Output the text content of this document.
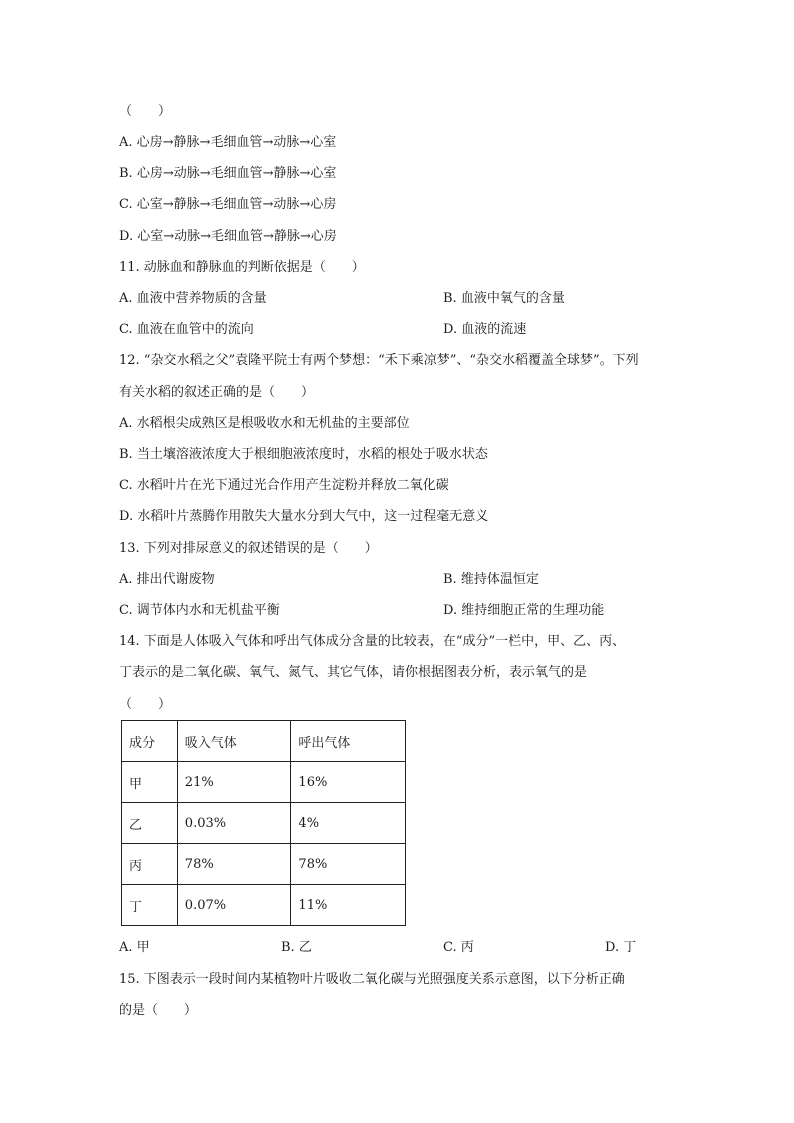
（　　）
A. 心房→静脉→毛细血管→动脉→心室
B. 心房→动脉→毛细血管→静脉→心室
C. 心室→静脉→毛细血管→动脉→心房
D. 心室→动脉→毛细血管→静脉→心房
11. 动脉血和静脉血的判断依据是（　　）
A. 血液中营养物质的含量	B. 血液中氧气的含量
C. 血液在血管中的流向	D. 血液的流速
12. “杂交水稻之父”袁隆平院士有两个梦想：“禾下乘凉梦”、“杂交水稻覆盖全球梦”。下列
有关水稻的叙述正确的是（　　）
A. 水稻根尖成熟区是根吸收水和无机盐的主要部位
B. 当土壤溶液浓度大于根细胞液浓度时，水稻的根处于吸水状态
C. 水稻叶片在光下通过光合作用产生淀粉并释放二氧化碳
D. 水稻叶片蒸腾作用散失大量水分到大气中，这一过程毫无意义
13. 下列对排尿意义的叙述错误的是（　　）
A. 排出代谢废物	B. 维持体温恒定
C. 调节体内水和无机盐平衡	D. 维持细胞正常的生理功能
14. 下面是人体吸入气体和呼出气体成分含量的比较表，在“成分”一栏中，甲、乙、丙、
丁表示的是二氧化碳、氧气、氮气、其它气体，请你根据图表分析，表示氧气的是
（　　）
成分	吸入气体	呼出气体
甲	21%	16%
乙	0.03%	4%
丙	78%	78%
丁	0.07%	11%
A. 甲	B. 乙	C. 丙	D. 丁
15. 下图表示一段时间内某植物叶片吸收二氧化碳与光照强度关系示意图，以下分析正确
的是（　　）
